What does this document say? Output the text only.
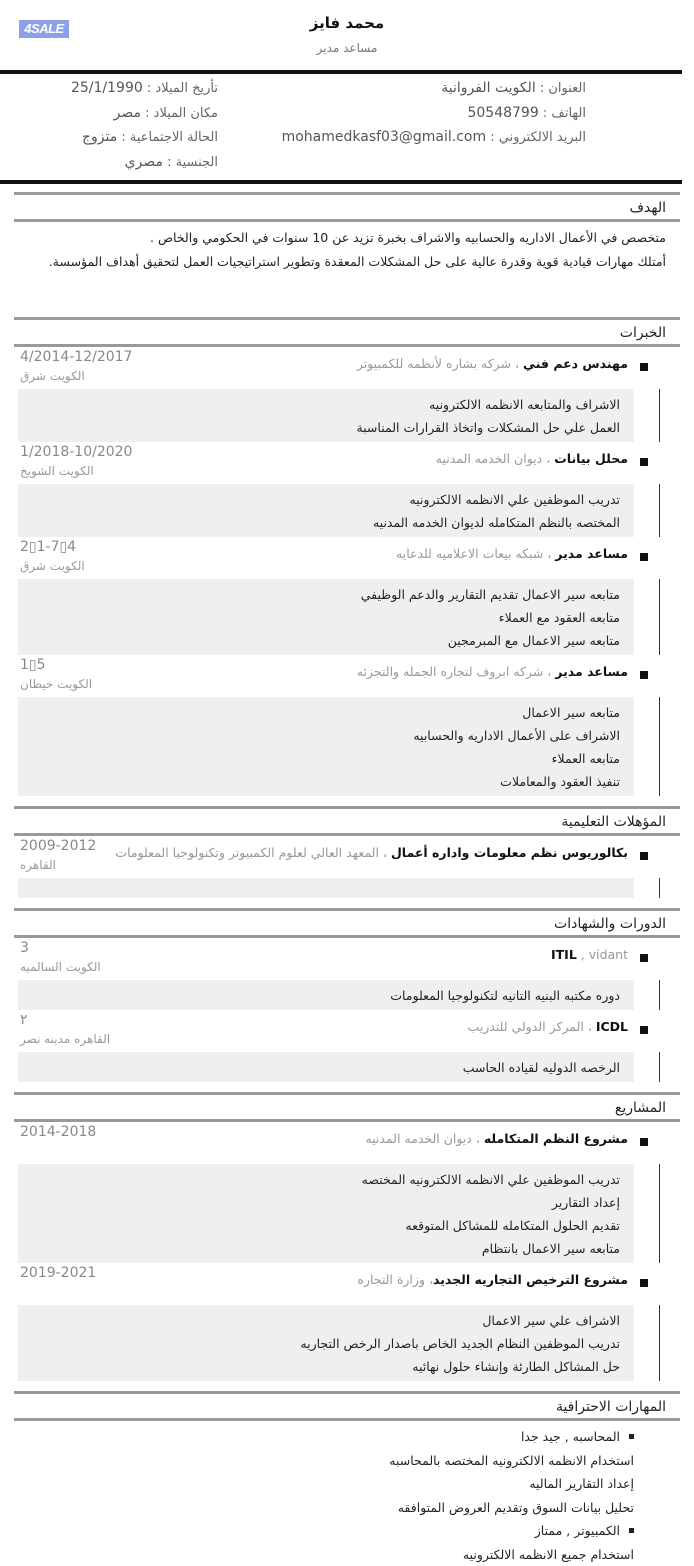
4SALE	محمد فايز
مساعد مدير
العنوان : الكويت الفروانية
الهاتف : 50548799
البريد الالكتروني : mohamedkasf03@gmail.com
تأريخ الميلاد : 25/1/1990
مكان الميلاد : مصر
الحالة الاجتماعية : متزوج
الجنسية : مصري
الهدف
متخصص في الأعمال الاداريه والحسابيه والاشراف بخبرة تزيد عن 10 سنوات في الحكومي والخاص .
أمتلك مهارات قيادية قوية وقدرة عالية على حل المشكلات المعقدة وتطوير استراتيجيات العمل لتحقيق أهداف المؤسسة.
الخبرات
مهندس دعم فني ، شركه بشاره لأنظمه للكمبيوتر
4/2014-12/2017
الكويت شرق
الاشراف والمتابعه الانظمه الالكترونيه
العمل علي حل المشكلات واتخاذ القرارات المناسبة
محلل بيانات ، ديوان الخدمه المدنيه
1/2018-10/2020
الكويت الشويخ
تدريب الموظفين علي الانظمه الالكترونيه
المختصه بالنظم المتكامله لديوان الخدمه المدنيه
مساعد مدير ، شبكه بيعات الاعلاميه للدعايه
2▯1-7▯4
الكويت شرق
متابعه سير الاعمال تقديم التقارير والدعم الوظيفي
متابعه العقود مع العملاء
متابعه سير الاعمال مع المبرمجين
مساعد مدير ، شركه ابروف لتجاره الجمله والتجزئه
1▯5
الكويت خيطان
متابعه سير الاعمال
الاشراف على الأعمال الاداريه والحسابيه
متابعه العملاء
تنفيذ العقود والمعاملات
المؤهلات التعليمية
بكالوريوس نظم معلومات واداره أعمال ، المعهد العالي لعلوم الكمبيوتر وتكنولوجيا المعلومات
2009-2012
القاهره
الدورات والشهادات
ITIL , vidant
3
الكويت السالميه
دوره مكتبه البنيه التانيه لتكنولوجيا المعلومات
ICDL ، المركز الدولي للتدريب
٢
القاهره مدينه نصر
الرخصه الدوليه لقياده الحاسب
المشاريع
مشروع النظم المتكامله ، ديوان الخدمه المدنيه
2014-2018
تدريب الموظفين علي الانظمه الالكترونيه المختصه
إعداد التقارير
تقديم الحلول المتكامله للمشاكل المتوقعه
متابعه سير الاعمال بانتظام
مشروع الترخيص التجاريه الجديد، وزارة التجاره
2019-2021
الاشراف علي سير الاعمال
تدريب الموظفين النظام الجديد الخاص باصدار الرخص التجاريه
حل المشاكل الطارئة وإنشاء حلول نهائيه
المهارات الاحترافية
المحاسبه , جيد جدا
استخدام الانظمه الالكترونيه المختصه بالمحاسبه
إعداد التقارير الماليه
تحليل بيانات السوق وتقديم العروض المتوافقه
الكمبيوتر , ممتاز
استخدام جميع الانظمه الالكترونيه
